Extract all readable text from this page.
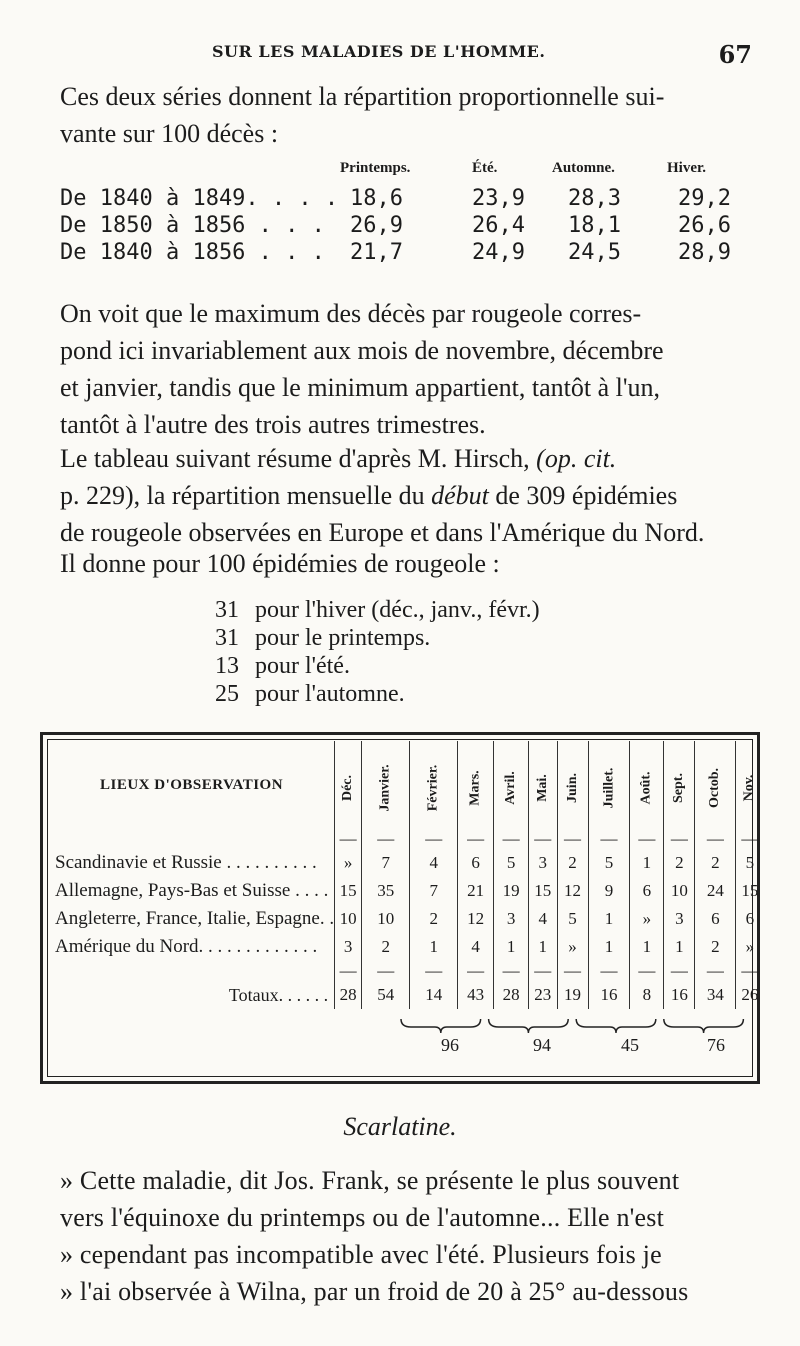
SUR LES MALADIES DE L'HOMME.	67
Ces deux séries donnent la répartition proportionnelle sui-
vante sur 100 décès :
Printemps.	Été.	Automne.	Hiver.
De 1840 à 1849. . . . 18,6	23,9 28,3	29,2
De 1850 à 1856 . . . 26,9	26,4 18,1	26,6
De 1840 à 1856 . . . 21,7	24,9 24,5	28,9
On voit que le maximum des décès par rougeole corres-
pond ici invariablement aux mois de novembre, décembre
et janvier, tandis que le minimum appartient, tantôt à l'un,
tantôt à l'autre des trois autres trimestres.
Le tableau suivant résume d'après M. Hirsch, (op. cit.
p. 229), la répartition mensuelle du début de 309 épidémies
de rougeole observées en Europe et dans l'Amérique du Nord.
Il donne pour 100 épidémies de rougeole :
31 pour l'hiver (déc., janv., févr.)
31 pour le printemps.
13 pour l'été.
25 pour l'automne.
LIEUX D'OBSERVATION	Déc.	Janvier.	Février.	Mars.	Avril.	Mai.	Juin.	Juillet.	Août.	Sept.	Octob.	Nov.
	—	—	—	—	—	—	—	—	—	—	—	—
Scandinavie et Russie . . . . . . . . . .	»	7	4	6	5	3	2	5	1	2	2	5
Allemagne, Pays-Bas et Suisse . . . .	15	35	7	21	19	15	12	9	6	10	24	15
Angleterre, France, Italie, Espagne. .	10	10	2	12	3	4	5	1	»	3	6	6
Amérique du Nord. . . . . . . . . . . . .	3	2	1	4	1	1	»	1	1	1	2	»
	—	—	—	—	—	—	—	—	—	—	—	—
Totaux. . . . . .	28	54	14	43	28	23	19	16	8	16	34	26
96	94	45	76
Scarlatine.
» Cette maladie, dit Jos. Frank, se présente le plus souvent
vers l'équinoxe du printemps ou de l'automne... Elle n'est
» cependant pas incompatible avec l'été. Plusieurs fois je
» l'ai observée à Wilna, par un froid de 20 à 25° au-dessous
